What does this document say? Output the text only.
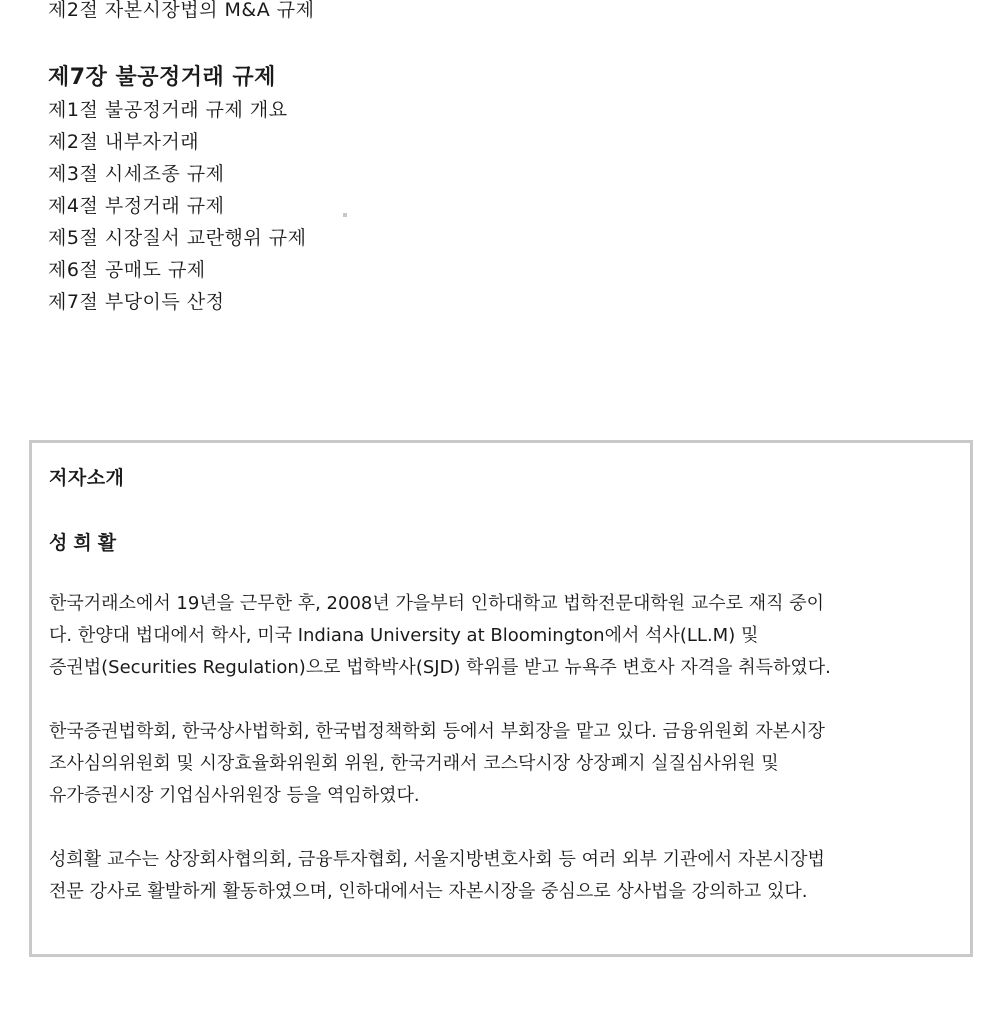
제2절 자본시장법의 M&A 규제
제7장 불공정거래 규제
제1절 불공정거래 규제 개요
제2절 내부자거래
제3절 시세조종 규제
제4절 부정거래 규제
제5절 시장질서 교란행위 규제
제6절 공매도 규제
제7절 부당이득 산정
저자소개
성희활
한국거래소에서 19년을 근무한 후, 2008년 가을부터 인하대학교 법학전문대학원 교수로 재직 중이
다. 한양대 법대에서 학사, 미국 Indiana University at Bloomington에서 석사(LL.M) 및
증권법(Securities Regulation)으로 법학박사(SJD) 학위를 받고 뉴욕주 변호사 자격을 취득하였다.
한국증권법학회, 한국상사법학회, 한국법정책학회 등에서 부회장을 맡고 있다. 금융위원회 자본시장
조사심의위원회 및 시장효율화위원회 위원, 한국거래서 코스닥시장 상장폐지 실질심사위원 및
유가증권시장 기업심사위원장 등을 역임하였다.
성희활 교수는 상장회사협의회, 금융투자협회, 서울지방변호사회 등 여러 외부 기관에서 자본시장법
전문 강사로 활발하게 활동하였으며, 인하대에서는 자본시장을 중심으로 상사법을 강의하고 있다.
